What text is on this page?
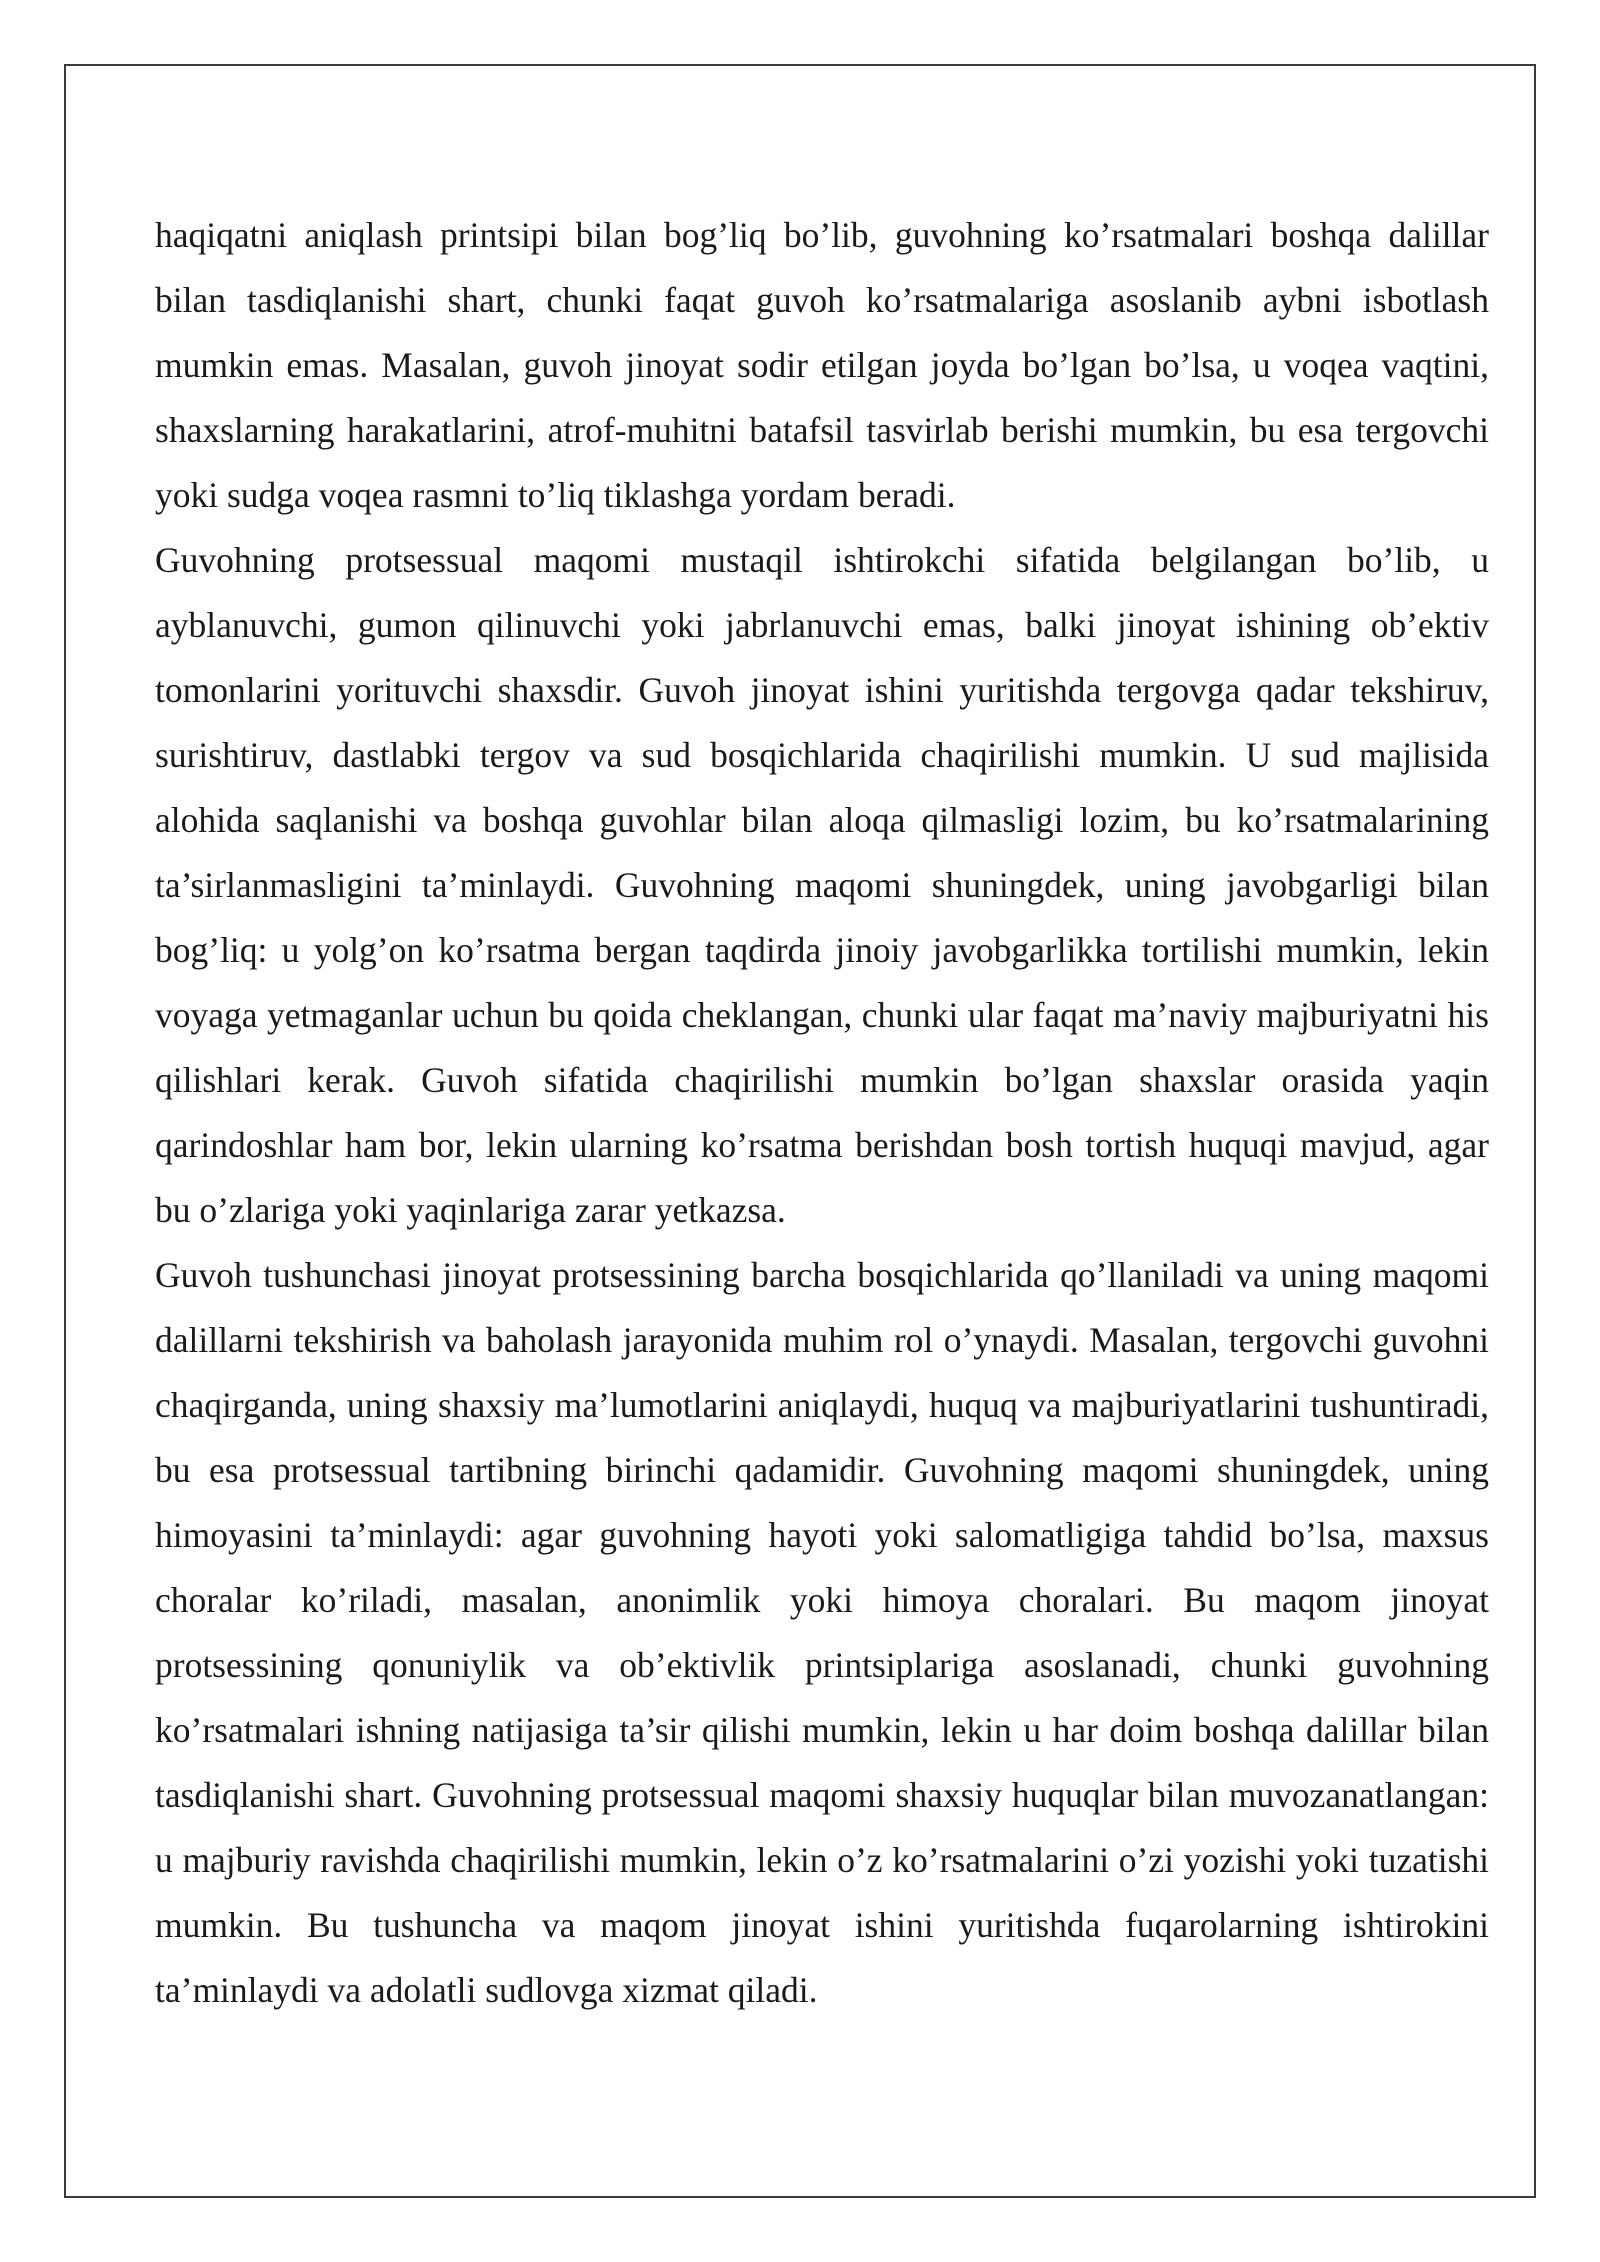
haqiqatni aniqlash printsipi bilan bog’liq bo’lib, guvohning ko’rsatmalari boshqa dalillar bilan tasdiqlanishi shart, chunki faqat guvoh ko’rsatmalariga asoslanib aybni isbotlash mumkin emas. Masalan, guvoh jinoyat sodir etilgan joyda bo’lgan bo’lsa, u voqea vaqtini, shaxslarning harakatlarini, atrof-muhitni batafsil tasvirlab berishi mumkin, bu esa tergovchi yoki sudga voqea rasmni to’liq tiklashga yordam beradi.

Guvohning protsessual maqomi mustaqil ishtirokchi sifatida belgilangan bo’lib, u ayblanuvchi, gumon qilinuvchi yoki jabrlanuvchi emas, balki jinoyat ishining ob’ektiv tomonlarini yorituvchi shaxsdir. Guvoh jinoyat ishini yuritishda tergovga qadar tekshiruv, surishtiruv, dastlabki tergov va sud bosqichlarida chaqirilishi mumkin. U sud majlisida alohida saqlanishi va boshqa guvohlar bilan aloqa qilmasligi lozim, bu ko’rsatmalarining ta’sirlanmasligini ta’minlaydi. Guvohning maqomi shuningdek, uning javobgarligi bilan bog’liq: u yolg’on ko’rsatma bergan taqdirda jinoiy javobgarlikka tortilishi mumkin, lekin voyaga yetmaganlar uchun bu qoida cheklangan, chunki ular faqat ma’naviy majburiyatni his qilishlari kerak. Guvoh sifatida chaqirilishi mumkin bo’lgan shaxslar orasida yaqin qarindoshlar ham bor, lekin ularning ko’rsatma berishdan bosh tortish huquqi mavjud, agar bu o’zlariga yoki yaqinlariga zarar yetkazsa.

Guvoh tushunchasi jinoyat protsessining barcha bosqichlarida qo’llaniladi va uning maqomi dalillarni tekshirish va baholash jarayonida muhim rol o’ynaydi. Masalan, tergovchi guvohni chaqirganda, uning shaxsiy ma’lumotlarini aniqlaydi, huquq va majburiyatlarini tushuntiradi, bu esa protsessual tartibning birinchi qadamidir. Guvohning maqomi shuningdek, uning himoyasini ta’minlaydi: agar guvohning hayoti yoki salomatligiga tahdid bo’lsa, maxsus choralar ko’riladi, masalan, anonimlik yoki himoya choralari. Bu maqom jinoyat protsessining qonuniylik va ob’ektivlik printsiplariga asoslanadi, chunki guvohning ko’rsatmalari ishning natijasiga ta’sir qilishi mumkin, lekin u har doim boshqa dalillar bilan tasdiqlanishi shart. Guvohning protsessual maqomi shaxsiy huquqlar bilan muvozanatlangan: u majburiy ravishda chaqirilishi mumkin, lekin o’z ko’rsatmalarini o’zi yozishi yoki tuzatishi mumkin. Bu tushuncha va maqom jinoyat ishini yuritishda fuqarolarning ishtirokini ta’minlaydi va adolatli sudlovga xizmat qiladi.
